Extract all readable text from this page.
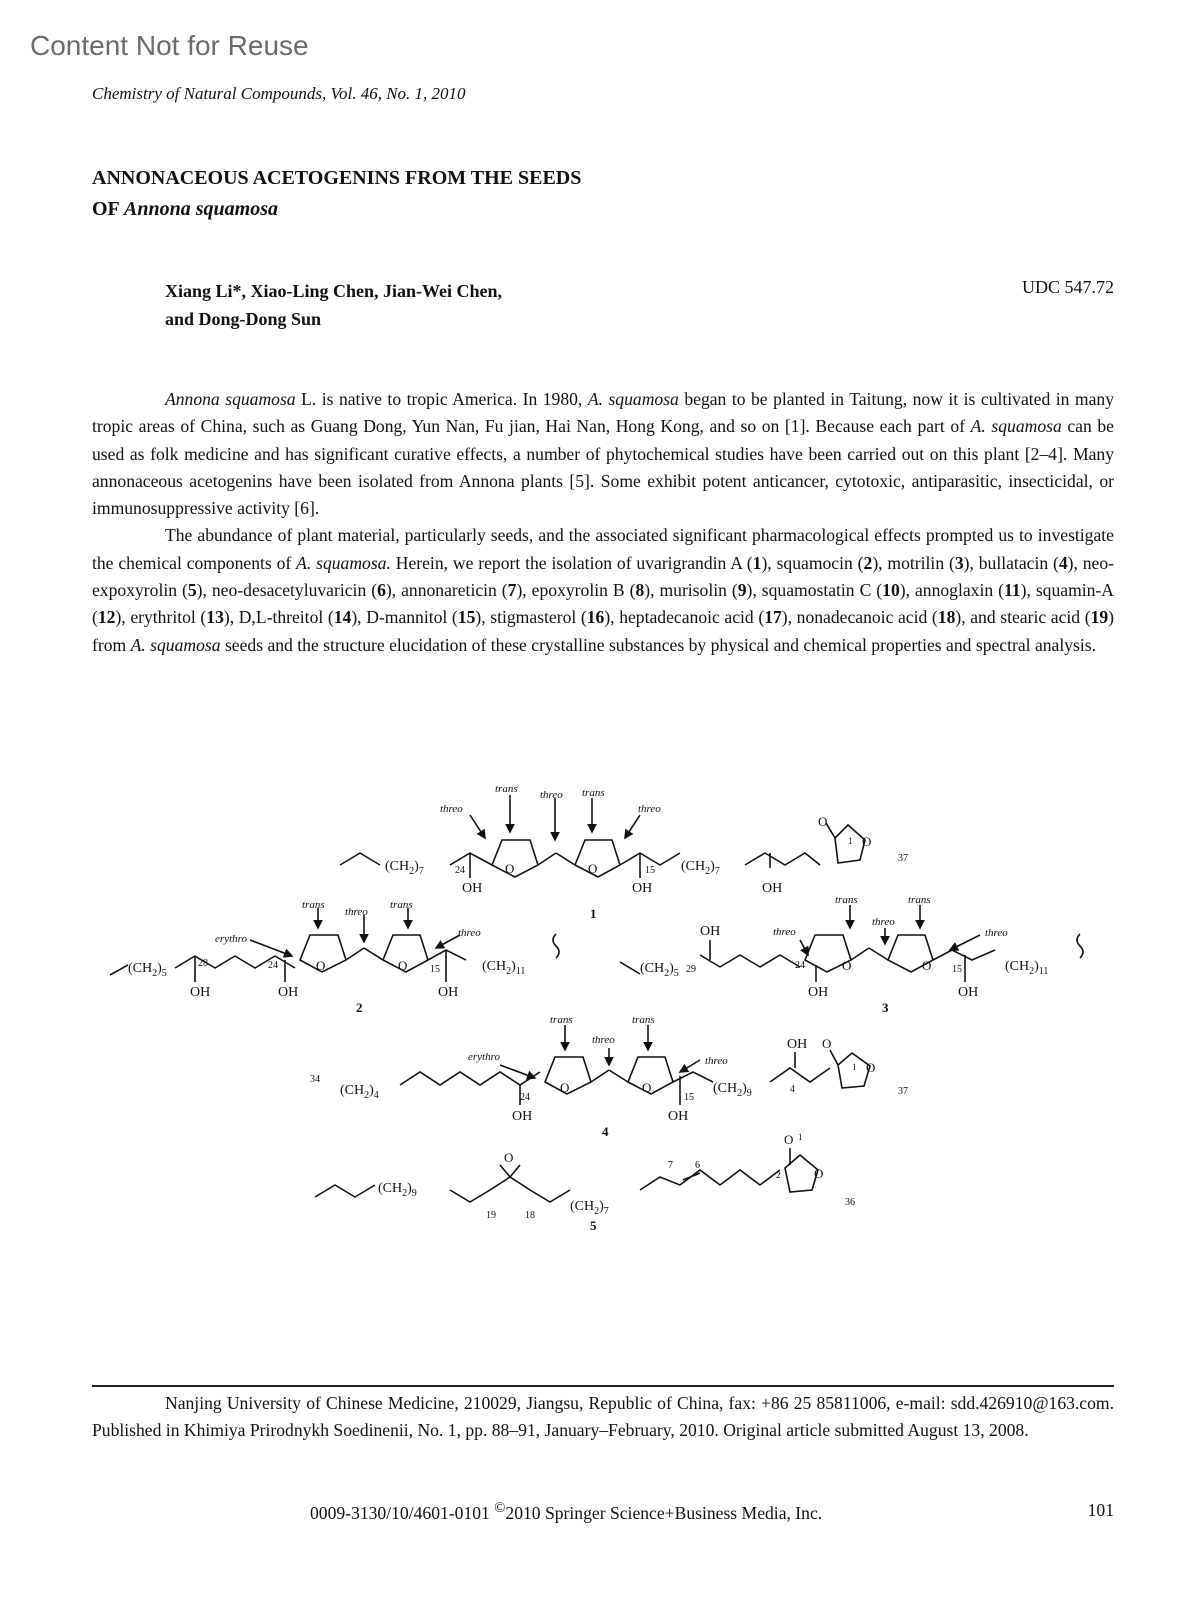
Content Not for Reuse
Chemistry of Natural Compounds, Vol. 46, No. 1, 2010
ANNONACEOUS ACETOGENINS FROM THE SEEDS
OF Annona squamosa
Xiang Li*, Xiao-Ling Chen, Jian-Wei Chen,
and Dong-Dong Sun
UDC 547.72

Annona squamosa L. is native to tropic America. In 1980, A. squamosa began to be planted in Taitung, now it is cultivated in many tropic areas of China, such as Guang Dong, Yun Nan, Fu jian, Hai Nan, Hong Kong, and so on [1]. Because each part of A. squamosa can be used as folk medicine and has significant curative effects, a number of phytochemical studies have been carried out on this plant [2–4]. Many annonaceous acetogenins have been isolated from Annona plants [5]. Some exhibit potent anticancer, cytotoxic, antiparasitic, insecticidal, or immunosuppressive activity [6].

The abundance of plant material, particularly seeds, and the associated significant pharmacological effects prompted us to investigate the chemical components of A. squamosa. Herein, we report the isolation of uvarigrandin A (1), squamocin (2), motrilin (3), bullatacin (4), neo-expoxyrolin (5), neo-desacetyluvaricin (6), annonareticin (7), epoxyrolin B (8), murisolin (9), squamostatin C (10), annoglaxin (11), squamin-A (12), erythritol (13), D,L-threitol (14), D-mannitol (15), stigmasterol (16), heptadecanoic acid (17), nonadecanoic acid (18), and stearic acid (19) from A. squamosa seeds and the structure elucidation of these crystalline substances by physical and chemical properties and spectral analysis.

$(CH_2)_7$	24
OH
O	O	15
OH
$(CH_2)_7$
OH
O
O
1
37
threo
trans threo trans
threo
1
$(CH_2)_5$
28	24
OH	OH
O	O 15
OH
$(CH_2)_{11}$
erythro
trans
threo
trans
threo
2
$(CH_2)_5$ 29
OH
24
OH
O	O 15
OH
$(CH_2)_{11}$
threo
trans
threo
trans
threo
3
34
$(CH_2)_4$	24
OH
O	O
15
OH
$(CH_2)_9$
OH
4
O
O
1
37
erythro
trans
threo
trans
threo
4
$(CH_2)_9$
O
19	18
$(CH_2)_7$
7 6
2
O 1
O
36
5
Nanjing University of Chinese Medicine, 210029, Jiangsu, Republic of China, fax: +86 25 85811006, e-mail: sdd.426910@163.com. Published in Khimiya Prirodnykh Soedinenii, No. 1, pp. 88–91, January–February, 2010. Original article submitted August 13, 2008.
0009-3130/10/4601-0101 ©2010 Springer Science+Business Media, Inc.	101
